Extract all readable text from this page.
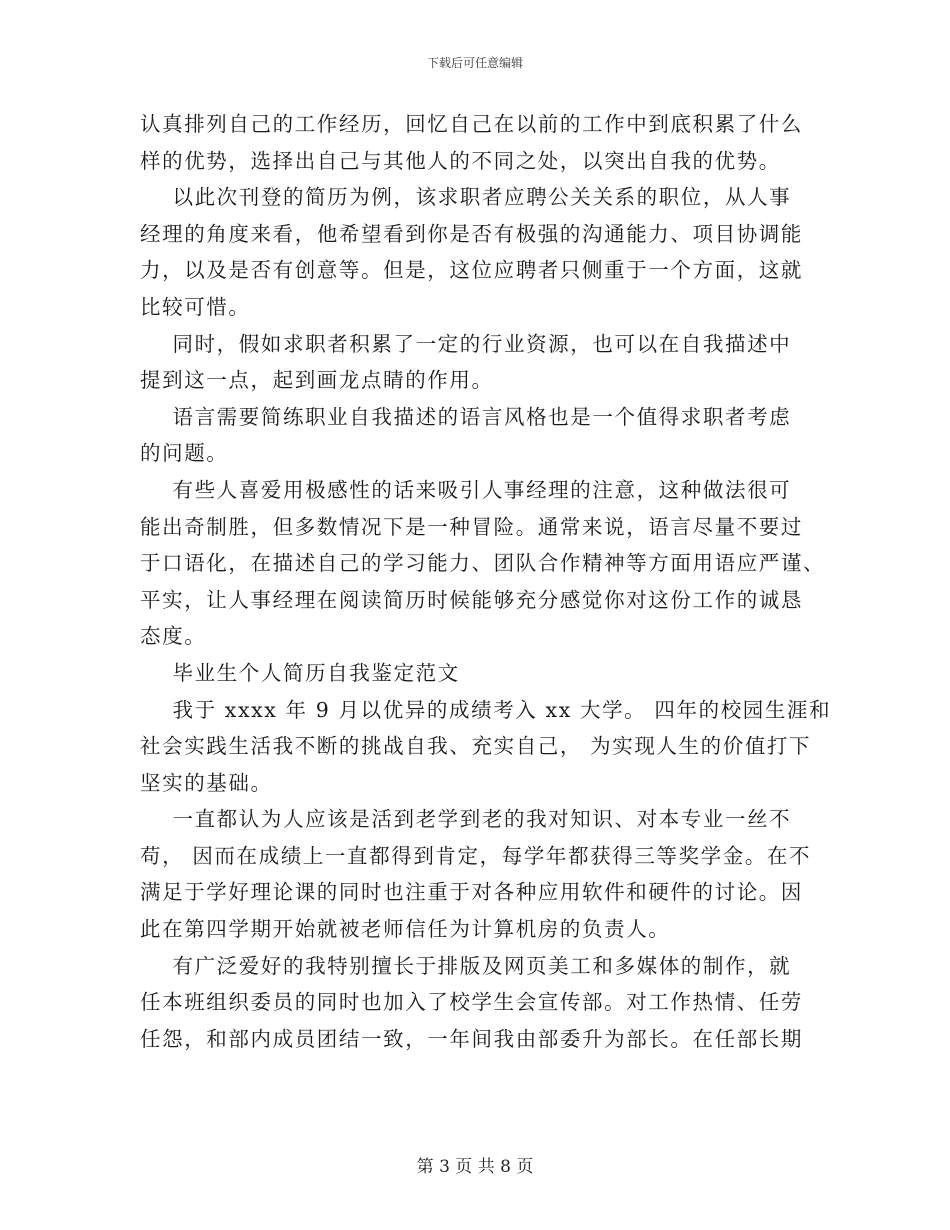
下载后可任意编辑
认真排列自己的工作经历，回忆自己在以前的工作中到底积累了什么
样的优势，选择出自己与其他人的不同之处，以突出自我的优势。
以此次刊登的简历为例，该求职者应聘公关关系的职位，从人事
经理的角度来看，他希望看到你是否有极强的沟通能力、项目协调能
力，以及是否有创意等。但是，这位应聘者只侧重于一个方面，这就
比较可惜。
同时，假如求职者积累了一定的行业资源，也可以在自我描述中
提到这一点，起到画龙点睛的作用。
语言需要简练职业自我描述的语言风格也是一个值得求职者考虑
的问题。
有些人喜爱用极感性的话来吸引人事经理的注意，这种做法很可
能出奇制胜，但多数情况下是一种冒险。通常来说，语言尽量不要过
于口语化，在描述自己的学习能力、团队合作精神等方面用语应严谨、
平实，让人事经理在阅读简历时候能够充分感觉你对这份工作的诚恳
态度。
毕业生个人简历自我鉴定范文
我于 xxxx 年 9 月以优异的成绩考入 xx 大学。 四年的校园生涯和
社会实践生活我不断的挑战自我、充实自己， 为实现人生的价值打下
坚实的基础。
一直都认为人应该是活到老学到老的我对知识、对本专业一丝不
苟， 因而在成绩上一直都得到肯定，每学年都获得三等奖学金。在不
满足于学好理论课的同时也注重于对各种应用软件和硬件的讨论。因
此在第四学期开始就被老师信任为计算机房的负责人。
有广泛爱好的我特别擅长于排版及网页美工和多媒体的制作，就
任本班组织委员的同时也加入了校学生会宣传部。对工作热情、任劳
任怨，和部内成员团结一致，一年间我由部委升为部长。在任部长期
第 3 页 共 8 页
